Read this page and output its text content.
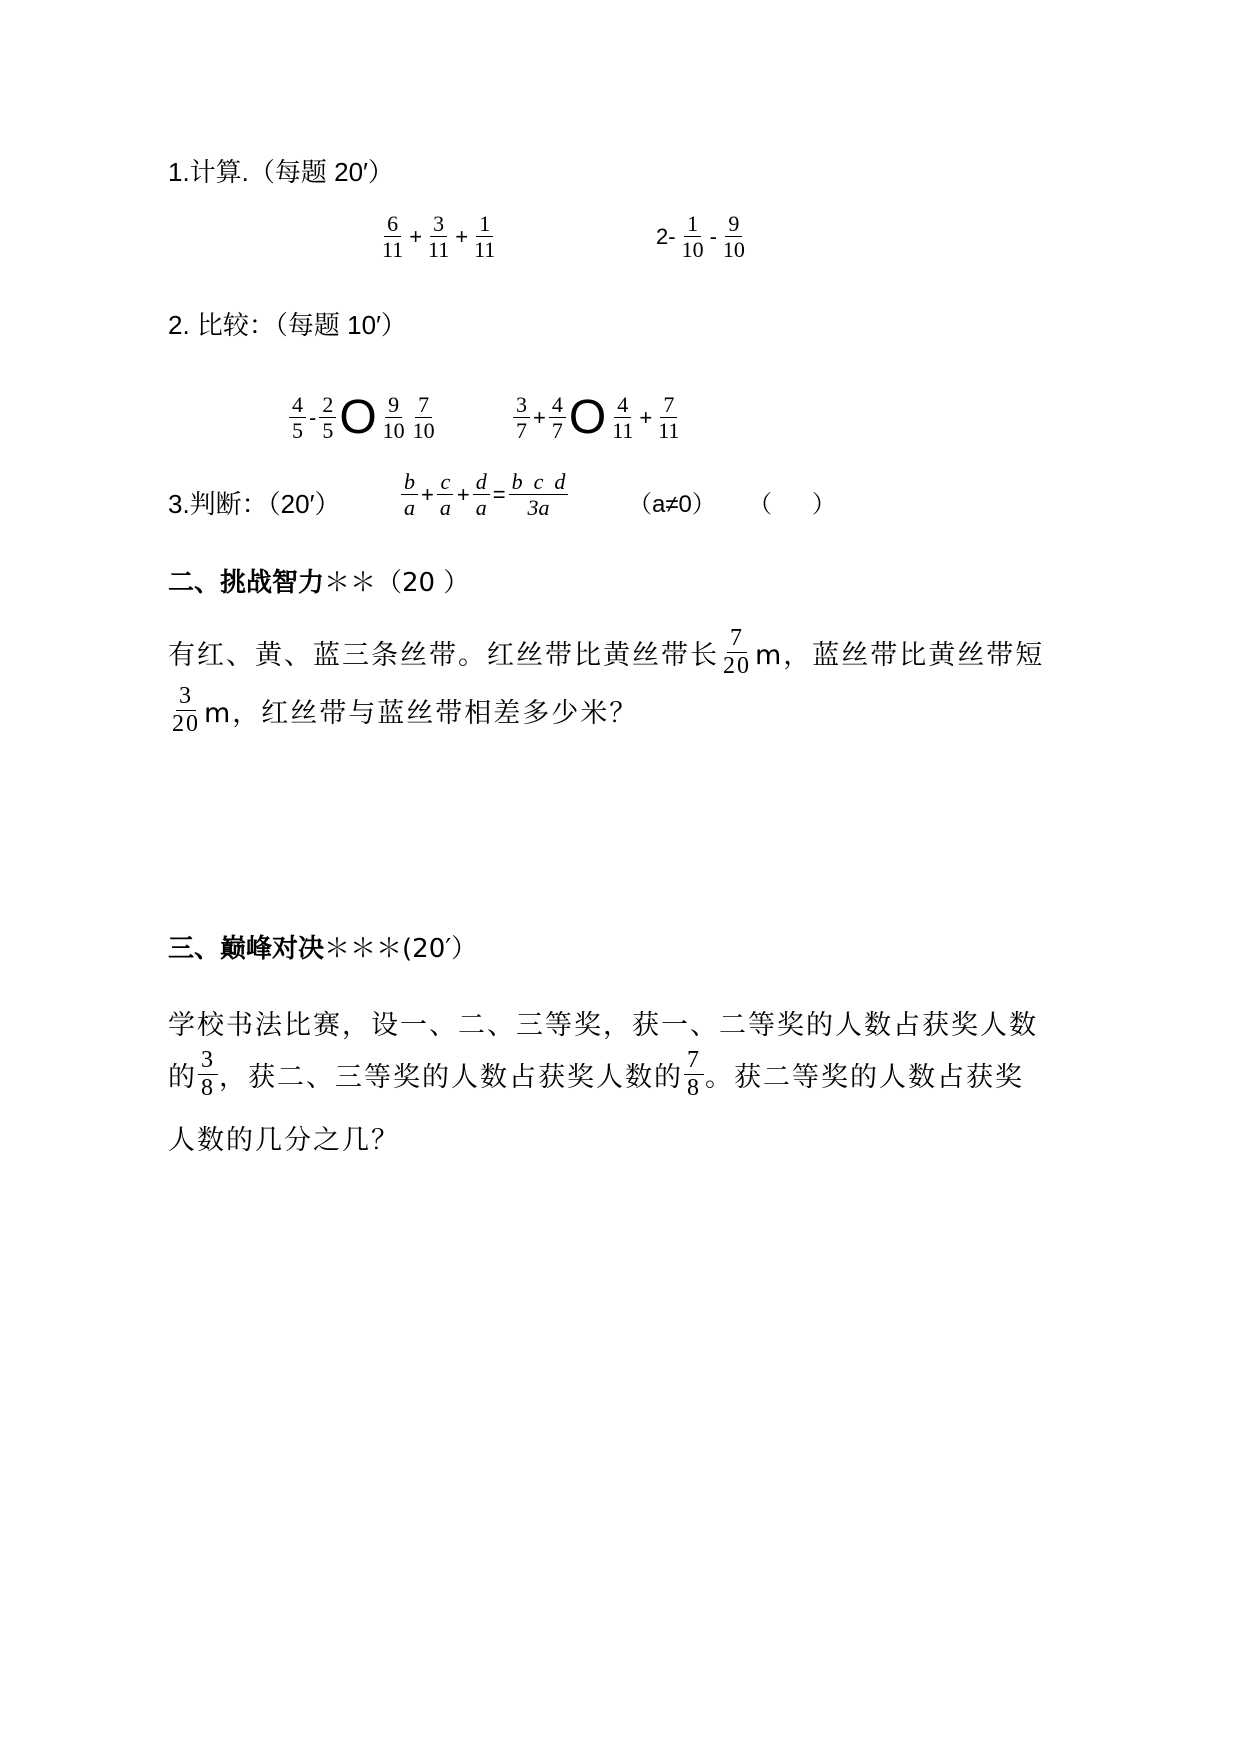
1.计算.（每题 20′）
$\frac{6}{11} + \frac{3}{11} + \frac{1}{11}$	$2- \frac{1}{10} - \frac{9}{10}$
2. 比较：（每题 10′）
$\frac{4}{5} - \frac{2}{5}$ O $\frac{9}{10} \frac{7}{10}$	$\frac{3}{7} + \frac{4}{7}$ O $\frac{4}{11} + \frac{7}{11}$
3.判断：（20′）	$\frac{b}{a} + \frac{c}{a} + \frac{d}{a} = \frac{\text{b  c  d}}{3a} (a\ne 0)$ （      ）
二、挑战智力＊＊（20 ）
有红、黄、蓝三条丝带。红丝带比黄丝带长 $\frac{7}{20}$ m，蓝丝带比黄丝带短
$\frac{3}{20}$ m，红丝带与蓝丝带相差多少米？
三、巅峰对决＊＊＊(20′）
学校书法比赛，设一、二、三等奖，获一、二等奖的人数占获奖人数
的 $\frac{3}{8}$ ，获二、三等奖的人数占获奖人数的 $\frac{7}{8}$ 。获二等奖的人数占获奖
人数的几分之几？
